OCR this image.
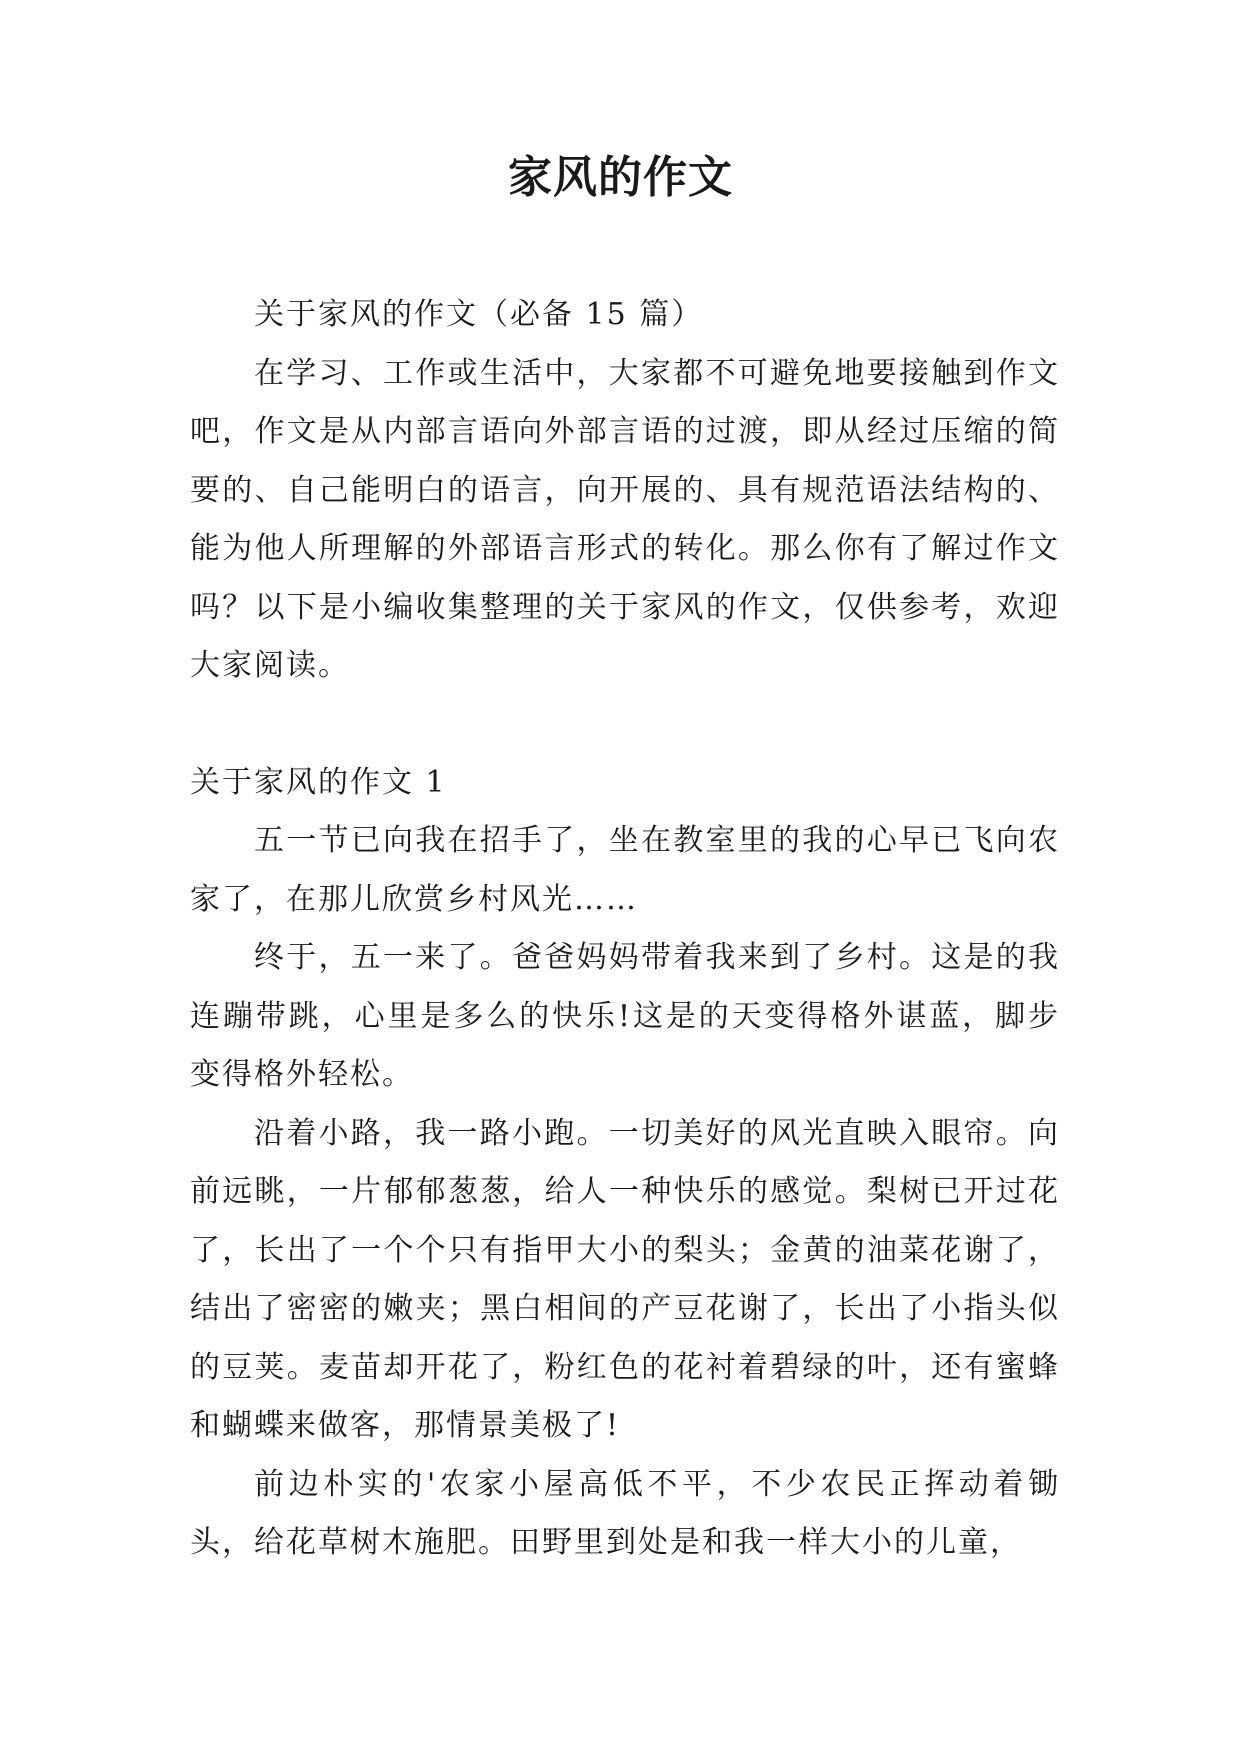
家风的作文

关于家风的作文（必备 15 篇）

在学习、工作或生活中，大家都不可避免地要接触到作文吧，作文是从内部言语向外部言语的过渡，即从经过压缩的简要的、自己能明白的语言，向开展的、具有规范语法结构的、能为他人所理解的外部语言形式的转化。那么你有了解过作文吗？以下是小编收集整理的关于家风的作文，仅供参考，欢迎大家阅读。

关于家风的作文 1

五一节已向我在招手了，坐在教室里的我的心早已飞向农家了，在那儿欣赏乡村风光……

终于，五一来了。爸爸妈妈带着我来到了乡村。这是的我连蹦带跳，心里是多么的快乐!这是的天变得格外谌蓝，脚步变得格外轻松。

沿着小路，我一路小跑。一切美好的风光直映入眼帘。向前远眺，一片郁郁葱葱，给人一种快乐的感觉。梨树已开过花了，长出了一个个只有指甲大小的梨头；金黄的油菜花谢了，结出了密密的嫩夹；黑白相间的产豆花谢了，长出了小指头似的豆荚。麦苗却开花了，粉红色的花衬着碧绿的叶，还有蜜蜂和蝴蝶来做客，那情景美极了!

前边朴实的'农家小屋高低不平，不少农民正挥动着锄头，给花草树木施肥。田野里到处是和我一样大小的儿童，
